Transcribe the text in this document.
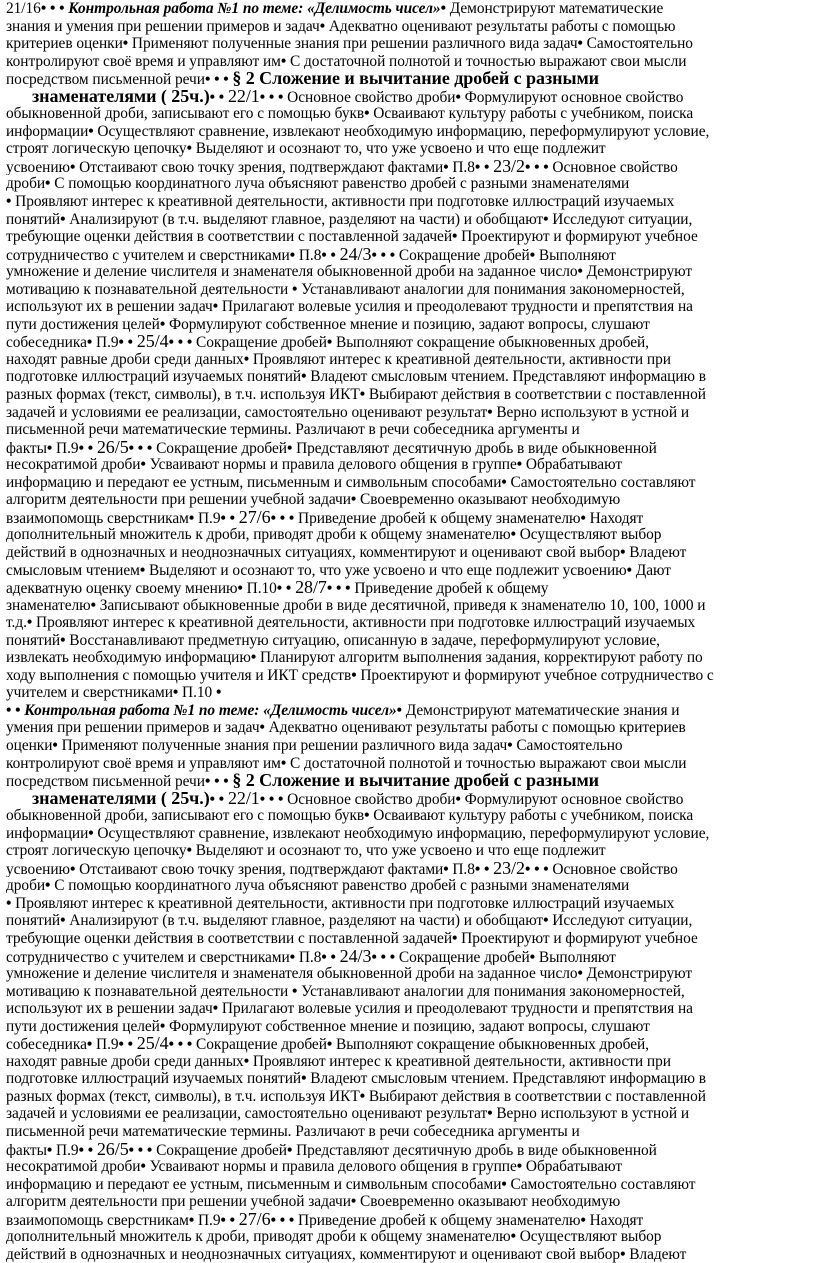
21/16• • • Контрольная работа №1 по теме: «Делимость чисел»• Демонстрируют математические
знания и умения при решении примеров и задач• Адекватно оценивают результаты работы с помощью
критериев оценки• Применяют полученные знания при решении различного вида задач• Самостоятельно
контролируют своё время и управляют им• С достаточной полнотой и точностью выражают свои мысли
посредством письменной речи• • • § 2 Сложение и вычитание дробей с разными
знаменателями ( 25ч.)• • 22/1• • • Основное свойство дроби• Формулируют основное свойство
обыкновенной дроби, записывают его с помощью букв• Осваивают культуру работы с учебником, поиска
информации• Осуществляют сравнение, извлекают необходимую информацию, переформулируют условие,
строят логическую цепочку• Выделяют и осознают то, что уже усвоено и что еще подлежит
усвоению• Отстаивают свою точку зрения, подтверждают фактами• П.8• • 23/2• • • Основное свойство
дроби• С помощью координатного луча объясняют равенство дробей с разными знаменателями
• Проявляют интерес к креативной деятельности, активности при подготовке иллюстраций изучаемых
понятий• Анализируют (в т.ч. выделяют главное, разделяют на части) и обобщают• Исследуют ситуации,
требующие оценки действия в соответствии с поставленной задачей• Проектируют и формируют учебное
сотрудничество с учителем и сверстниками• П.8• • 24/3• • • Сокращение дробей• Выполняют
умножение и деление числителя и знаменателя обыкновенной дроби на заданное число• Демонстрируют
мотивацию к познавательной деятельности • Устанавливают аналогии для понимания закономерностей,
используют их в решении задач• Прилагают волевые усилия и преодолевают трудности и препятствия на
пути достижения целей• Формулируют собственное мнение и позицию, задают вопросы, слушают
собеседника• П.9• • 25/4• • • Сокращение дробей• Выполняют сокращение обыкновенных дробей,
находят равные дроби среди данных• Проявляют интерес к креативной деятельности, активности при
подготовке иллюстраций изучаемых понятий• Владеют смысловым чтением. Представляют информацию в
разных формах (текст, символы), в т.ч. используя ИКТ• Выбирают действия в соответствии с поставленной
задачей и условиями ее реализации, самостоятельно оценивают результат• Верно используют в устной и
письменной речи математические термины. Различают в речи собеседника аргументы и
факты• П.9• • 26/5• • • Сокращение дробей• Представляют десятичную дробь в виде обыкновенной
несократимой дроби• Усваивают нормы и правила делового общения в группе• Обрабатывают
информацию и передают ее устным, письменным и символьным способами• Самостоятельно составляют
алгоритм деятельности при решении учебной задачи• Своевременно оказывают необходимую
взаимопомощь сверстникам• П.9• • 27/6• • • Приведение дробей к общему знаменателю• Находят
дополнительный множитель к дроби, приводят дроби к общему знаменателю• Осуществляют выбор
действий в однозначных и неоднозначных ситуациях, комментируют и оценивают свой выбор• Владеют
смысловым чтением• Выделяют и осознают то, что уже усвоено и что еще подлежит усвоению• Дают
адекватную оценку своему мнению• П.10• • 28/7• • • Приведение дробей к общему
знаменателю• Записывают обыкновенные дроби в виде десятичной, приведя к знаменателю 10, 100, 1000 и
т.д.• Проявляют интерес к креативной деятельности, активности при подготовке иллюстраций изучаемых
понятий• Восстанавливают предметную ситуацию, описанную в задаче, переформулируют условие,
извлекать необходимую информацию• Планируют алгоритм выполнения задания, корректируют работу по
ходу выполнения с помощью учителя и ИКТ средств• Проектируют и формируют учебное сотрудничество с
учителем и сверстниками• П.10 •
• • Контрольная работа №1 по теме: «Делимость чисел»• Демонстрируют математические знания и
умения при решении примеров и задач• Адекватно оценивают результаты работы с помощью критериев
оценки• Применяют полученные знания при решении различного вида задач• Самостоятельно
контролируют своё время и управляют им• С достаточной полнотой и точностью выражают свои мысли
посредством письменной речи• • • § 2 Сложение и вычитание дробей с разными
знаменателями ( 25ч.)• • 22/1• • • Основное свойство дроби• Формулируют основное свойство
обыкновенной дроби, записывают его с помощью букв• Осваивают культуру работы с учебником, поиска
информации• Осуществляют сравнение, извлекают необходимую информацию, переформулируют условие,
строят логическую цепочку• Выделяют и осознают то, что уже усвоено и что еще подлежит
усвоению• Отстаивают свою точку зрения, подтверждают фактами• П.8• • 23/2• • • Основное свойство
дроби• С помощью координатного луча объясняют равенство дробей с разными знаменателями
• Проявляют интерес к креативной деятельности, активности при подготовке иллюстраций изучаемых
понятий• Анализируют (в т.ч. выделяют главное, разделяют на части) и обобщают• Исследуют ситуации,
требующие оценки действия в соответствии с поставленной задачей• Проектируют и формируют учебное
сотрудничество с учителем и сверстниками• П.8• • 24/3• • • Сокращение дробей• Выполняют
умножение и деление числителя и знаменателя обыкновенной дроби на заданное число• Демонстрируют
мотивацию к познавательной деятельности • Устанавливают аналогии для понимания закономерностей,
используют их в решении задач• Прилагают волевые усилия и преодолевают трудности и препятствия на
пути достижения целей• Формулируют собственное мнение и позицию, задают вопросы, слушают
собеседника• П.9• • 25/4• • • Сокращение дробей• Выполняют сокращение обыкновенных дробей,
находят равные дроби среди данных• Проявляют интерес к креативной деятельности, активности при
подготовке иллюстраций изучаемых понятий• Владеют смысловым чтением. Представляют информацию в
разных формах (текст, символы), в т.ч. используя ИКТ• Выбирают действия в соответствии с поставленной
задачей и условиями ее реализации, самостоятельно оценивают результат• Верно используют в устной и
письменной речи математические термины. Различают в речи собеседника аргументы и
факты• П.9• • 26/5• • • Сокращение дробей• Представляют десятичную дробь в виде обыкновенной
несократимой дроби• Усваивают нормы и правила делового общения в группе• Обрабатывают
информацию и передают ее устным, письменным и символьным способами• Самостоятельно составляют
алгоритм деятельности при решении учебной задачи• Своевременно оказывают необходимую
взаимопомощь сверстникам• П.9• • 27/6• • • Приведение дробей к общему знаменателю• Находят
дополнительный множитель к дроби, приводят дроби к общему знаменателю• Осуществляют выбор
действий в однозначных и неоднозначных ситуациях, комментируют и оценивают свой выбор• Владеют
